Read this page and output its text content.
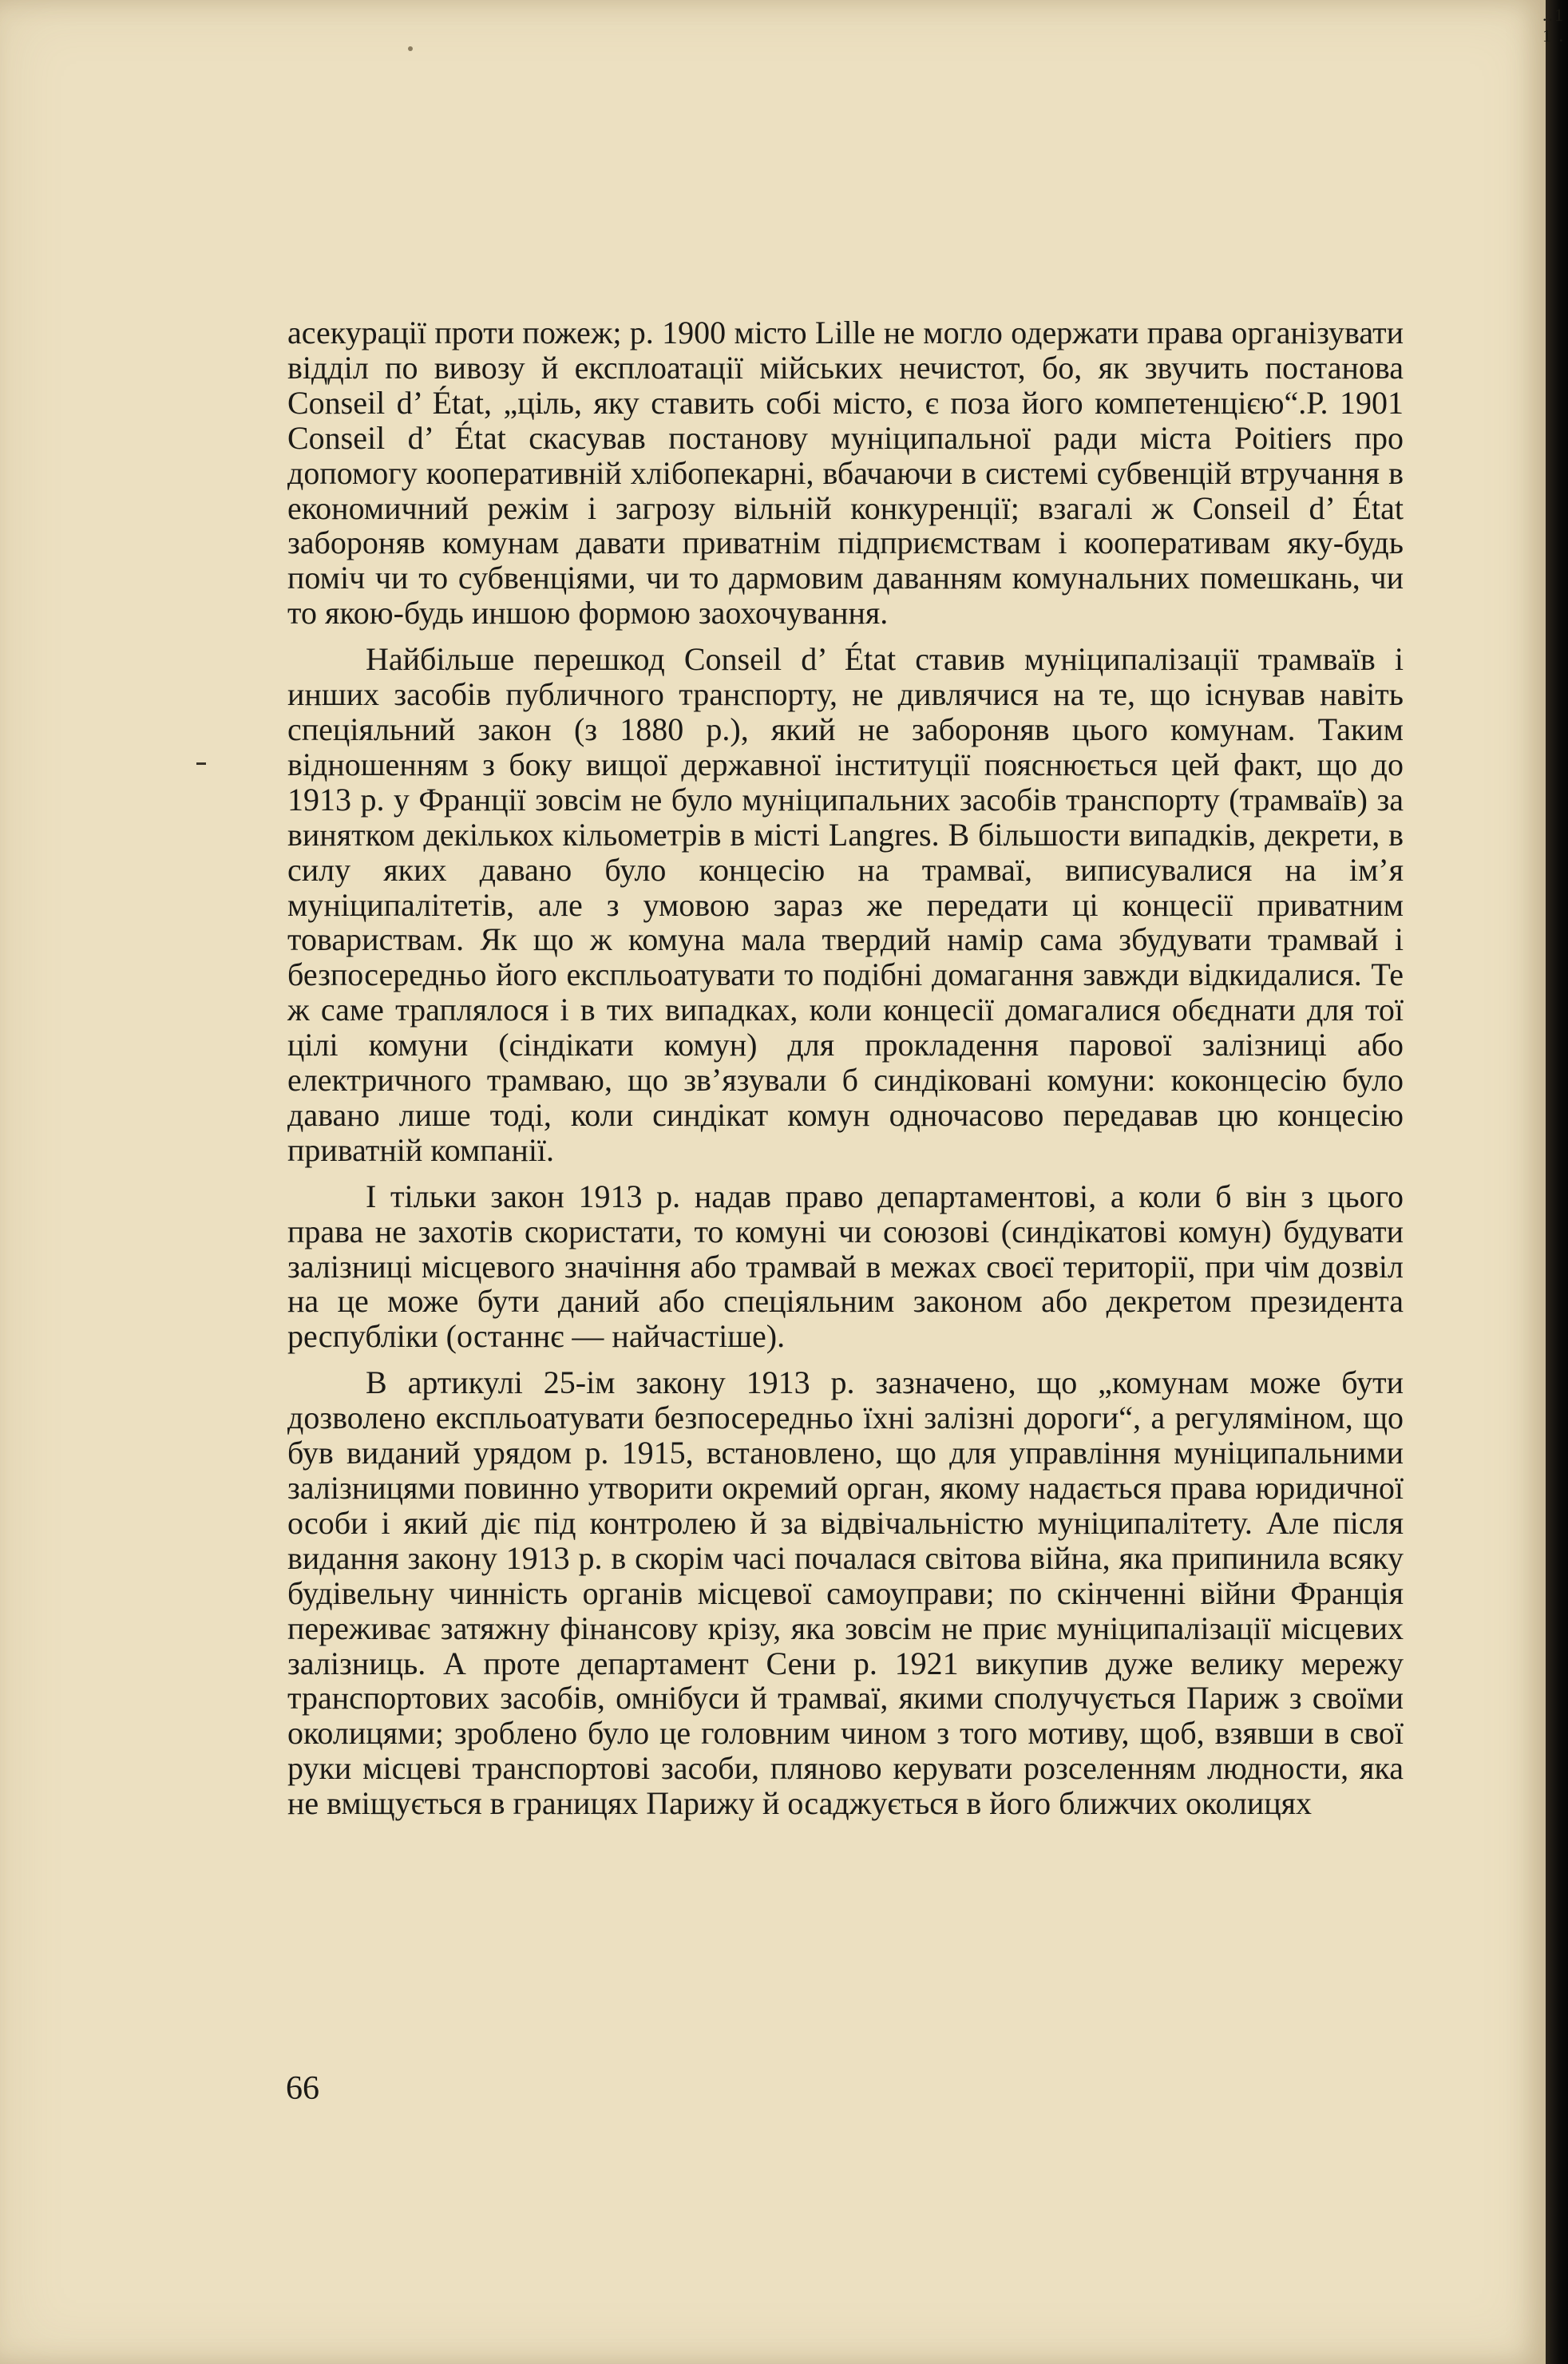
асекурації проти пожеж; р. 1900 місто Lille не могло одержати права організувати відділ по вивозу й експлоатації мійських нечистот, бо, як звучить постанова Conseil d’ État, „ціль, яку ставить собі місто, є поза його компетенцією“.Р. 1901 Conseil d’ État скасував постанову муніципальної ради міста Poitiers про допомогу кооперативній хлібопекарні, вбачаючи в системі субвенцій втручання в економичний режім і загрозу вільній конкуренції; взагалі ж Conseil d’ État забороняв комунам давати приватнім підприємствам і кооперативам яку-будь поміч чи то субвенціями, чи то дармовим даванням комунальних помешкань, чи то якою-будь иншою формою заохочування.

Найбільше перешкод Conseil d’ État ставив муніципалізації трамваїв і инших засобів публичного транспорту, не дивлячися на те, що існував навіть спеціяльний закон (з 1880 р.), який не забороняв цього комунам. Таким відношенням з боку вищої державної інституції пояснюється цей факт, що до 1913 р. у Франції зовсім не було муніципальних засобів транспорту (трамваїв) за винятком декількох кільометрів в місті Langres. В більшости випадків, декрети, в силу яких давано було концесію на трамваї, виписувалися на ім’я муніципалітетів, але з умовою зараз же передати ці концесії приватним товариствам. Як що ж комуна мала твердий намір сама збудувати трамвай і безпосередньо його експльоатувати то подібні домагання завжди відкидалися. Те ж саме траплялося і в тих випадках, коли концесії домагалися обєднати для тої цілі комуни (сіндікати комун) для прокладення парової залізниці або електричного трамваю, що зв’язували б синдіковані комуни: коконцесію було давано лише тоді, коли синдікат комун одночасово передавав цю концесію приватній компанії.

І тільки закон 1913 р. надав право департаментові, а коли б він з цього права не захотів скористати, то комуні чи союзові (синдікатові комун) будувати залізниці місцевого значіння або трамвай в межах своєї території, при чім дозвіл на це може бути даний або спеціяльним законом або декретом президента республіки (останнє — найчастіше).

В артикулі 25-ім закону 1913 р. зазначено, що „комунам може бути дозволено експльоатувати безпосередньо їхні залізні дороги“, а регуляміном, що був виданий урядом р. 1915, встановлено, що для управління муніципальними залізницями повинно утворити окремий орган, якому надається права юридичної особи і який діє під контролею й за відвічальністю муніципалітету. Але після видання закону 1913 р. в скорім часі почалася світова війна, яка припинила всяку будівельну чинність органів місцевої самоуправи; по скінченні війни Франція переживає затяжну фінансову крізу, яка зовсім не приє муніципалізації місцевих залізниць. А проте департамент Сени р. 1921 викупив дуже велику мережу транспортових засобів, омнібуси й трамваї, якими сполучується Париж з своїми околицями; зроблено було це головним чином з того мотиву, щоб, взявши в свої руки місцеві транспортові засоби, пляново керувати розселенням людности, яка не вміщується в границях Парижу й осаджується в його ближчих околицях

66
..1 1 .
